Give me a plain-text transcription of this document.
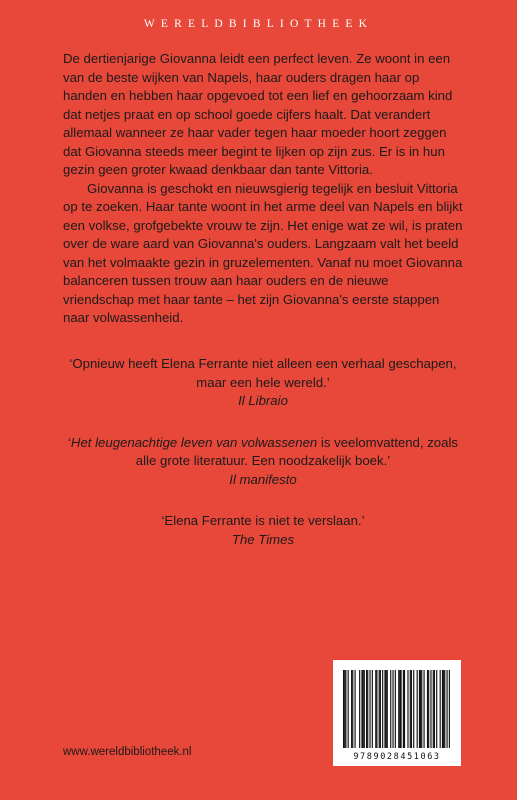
WERELDBIBLIOTHEEK

De dertienjarige Giovanna leidt een perfect leven. Ze woont in een van de beste wijken van Napels, haar ouders dragen haar op handen en hebben haar opgevoed tot een lief en gehoorzaam kind dat netjes praat en op school goede cijfers haalt. Dat verandert allemaal wanneer ze haar vader tegen haar moeder hoort zeggen dat Giovanna steeds meer begint te lijken op zijn zus. Er is in hun gezin geen groter kwaad denkbaar dan tante Vittoria.

Giovanna is geschokt en nieuwsgierig tegelijk en besluit Vittoria op te zoeken. Haar tante woont in het arme deel van Napels en blijkt een volkse, grofgebekte vrouw te zijn. Het enige wat ze wil, is praten over de ware aard van Giovanna's ouders. Langzaam valt het beeld van het volmaakte gezin in gruzelementen. Vanaf nu moet Giovanna balanceren tussen trouw aan haar ouders en de nieuwe vriendschap met haar tante – het zijn Giovanna's eerste stappen naar volwassenheid.

‘Opnieuw heeft Elena Ferrante niet alleen een verhaal geschapen, maar een hele wereld.’
Il Libraio
‘Het leugenachtige leven van volwassenen is veelomvattend, zoals alle grote literatuur. Een noodzakelijk boek.’
Il manifesto
‘Elena Ferrante is niet te verslaan.’
The Times
9789028451063
www.wereldbibliotheek.nl
